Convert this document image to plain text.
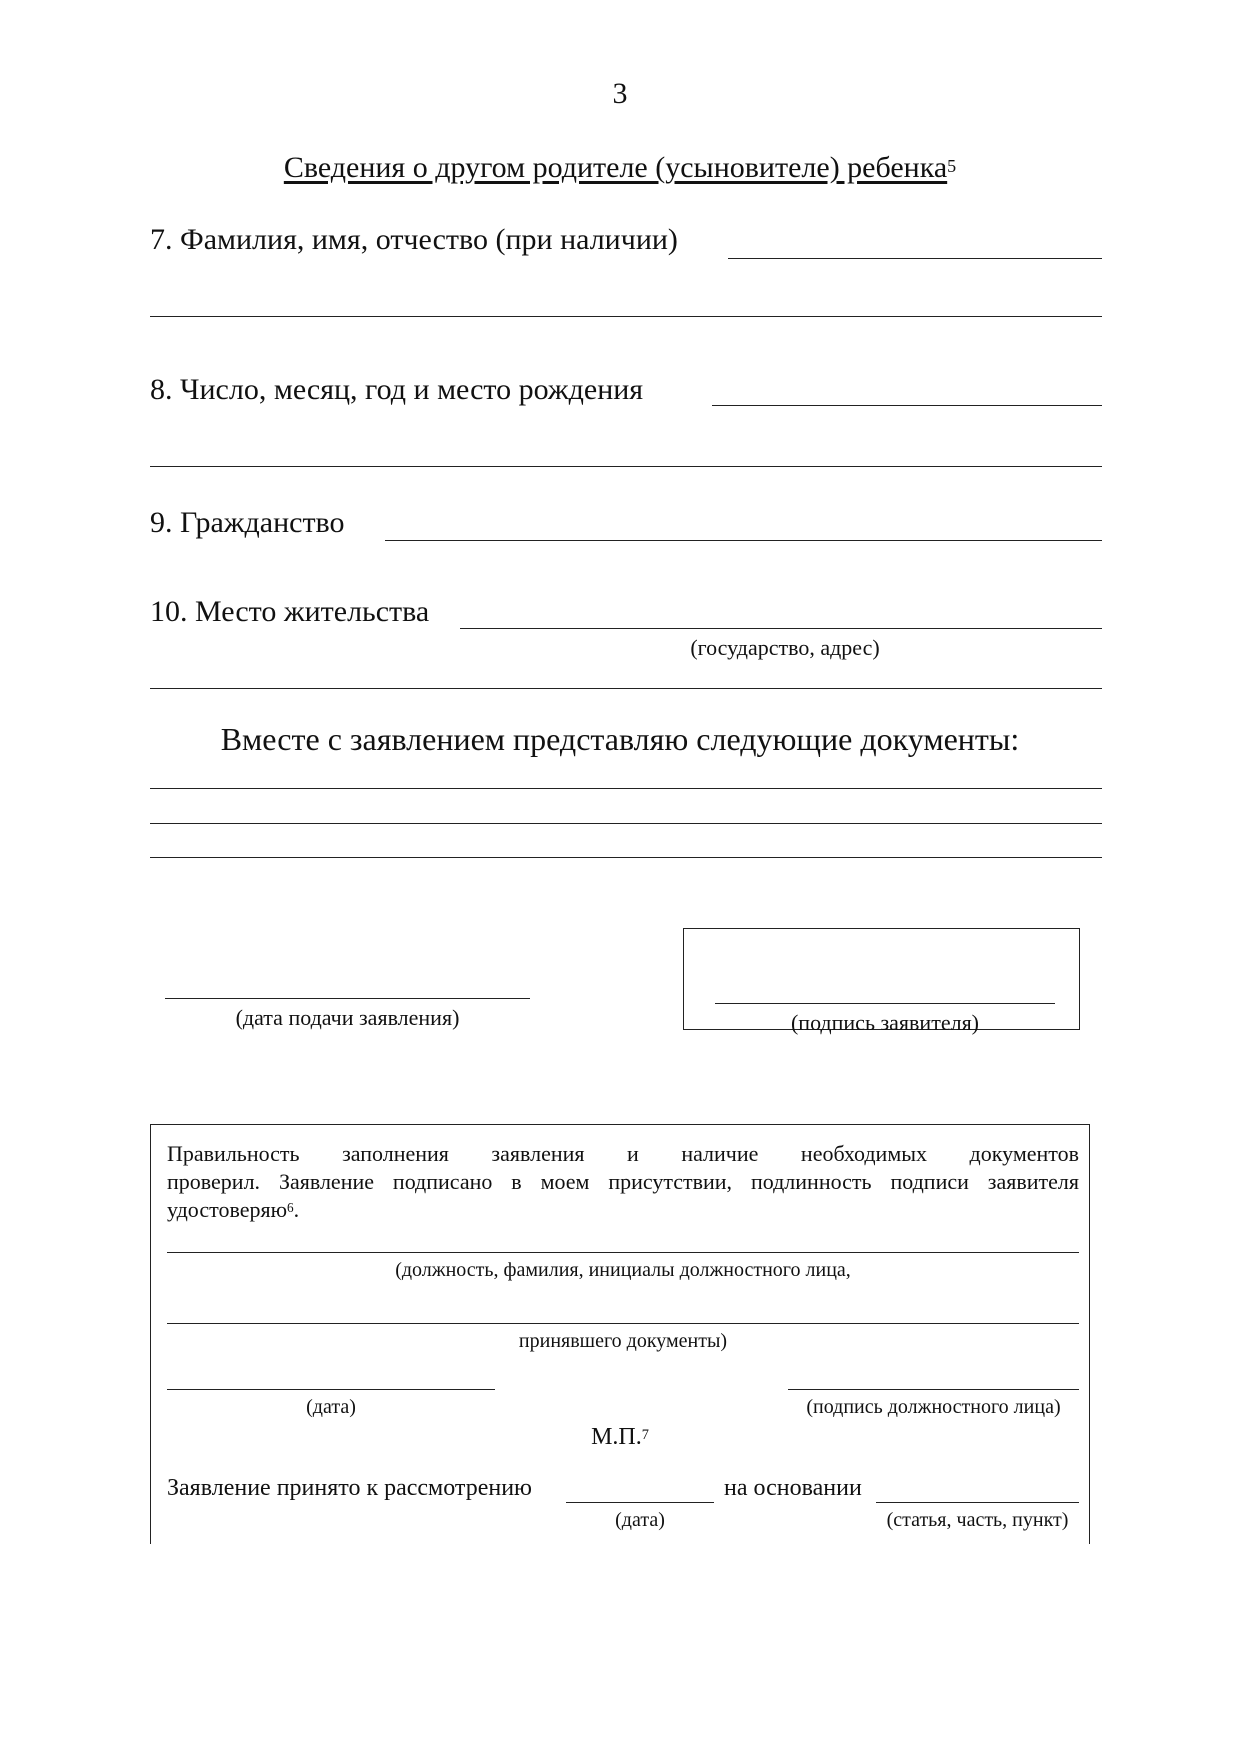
3
Сведения о другом родителе (усыновителе) ребенка$^5$
7. Фамилия, имя, отчество (при наличии)
8. Число, месяц, год и место рождения
9. Гражданство
10. Место жительства
(государство, адрес)
Вместе с заявлением представляю следующие документы:
(дата подачи заявления)	(подпись заявителя)
Правильность заполнения заявления и наличие необходимых документов
проверил. Заявление подписано в моем присутствии, подлинность подписи заявителя
удостоверяю$^6$.
(должность, фамилия, инициалы должностного лица,
принявшего документы)
(дата)	(подпись должностного лица)
М.П.$^7$
Заявление принято к рассмотрению
(дата)
на основании
(статья, часть, пункт)
